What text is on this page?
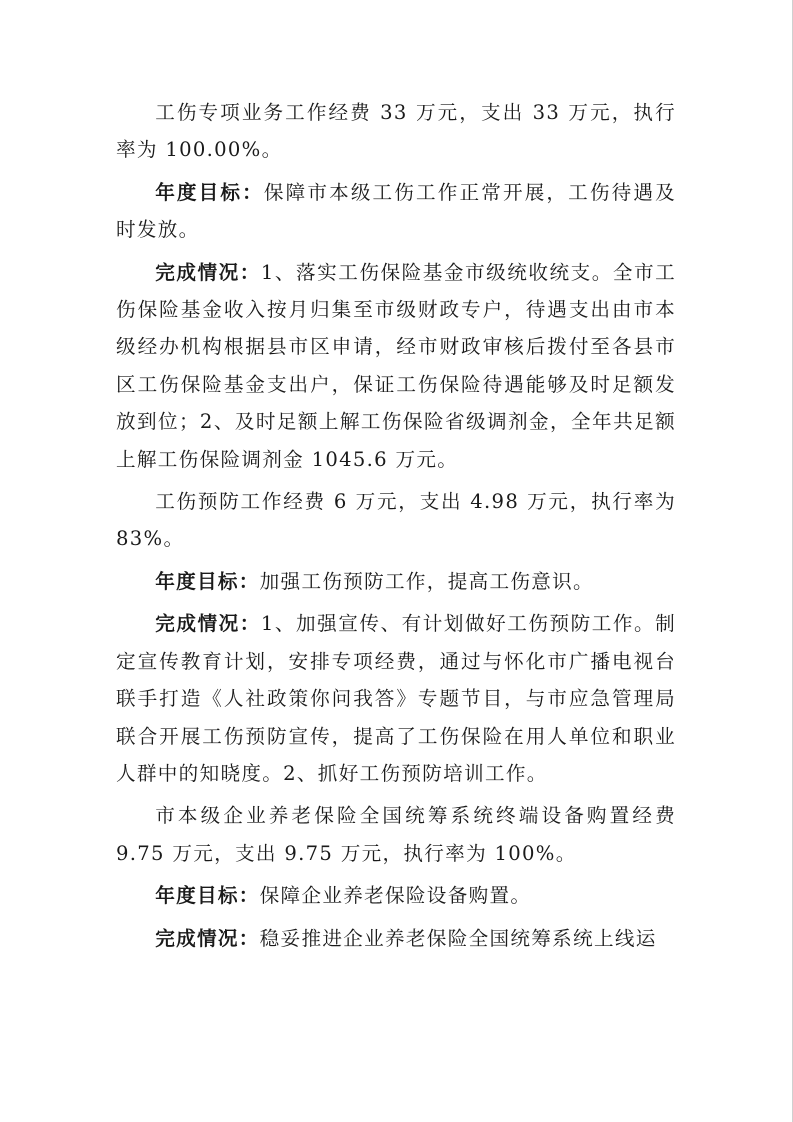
工伤专项业务工作经费 33 万元，支出 33 万元，执行率为 100.00%。

年度目标：保障市本级工伤工作正常开展，工伤待遇及时发放。

完成情况：1、落实工伤保险基金市级统收统支。全市工伤保险基金收入按月归集至市级财政专户，待遇支出由市本级经办机构根据县市区申请，经市财政审核后拨付至各县市区工伤保险基金支出户，保证工伤保险待遇能够及时足额发放到位；2、及时足额上解工伤保险省级调剂金，全年共足额上解工伤保险调剂金 1045.6 万元。

工伤预防工作经费 6 万元，支出 4.98 万元，执行率为 83%。

年度目标：加强工伤预防工作，提高工伤意识。

完成情况：1、加强宣传、有计划做好工伤预防工作。制定宣传教育计划，安排专项经费，通过与怀化市广播电视台联手打造《人社政策你问我答》专题节目，与市应急管理局联合开展工伤预防宣传，提高了工伤保险在用人单位和职业人群中的知晓度。2、抓好工伤预防培训工作。

市本级企业养老保险全国统筹系统终端设备购置经费 9.75 万元，支出 9.75 万元，执行率为 100%。

年度目标：保障企业养老保险设备购置。

完成情况：稳妥推进企业养老保险全国统筹系统上线运
